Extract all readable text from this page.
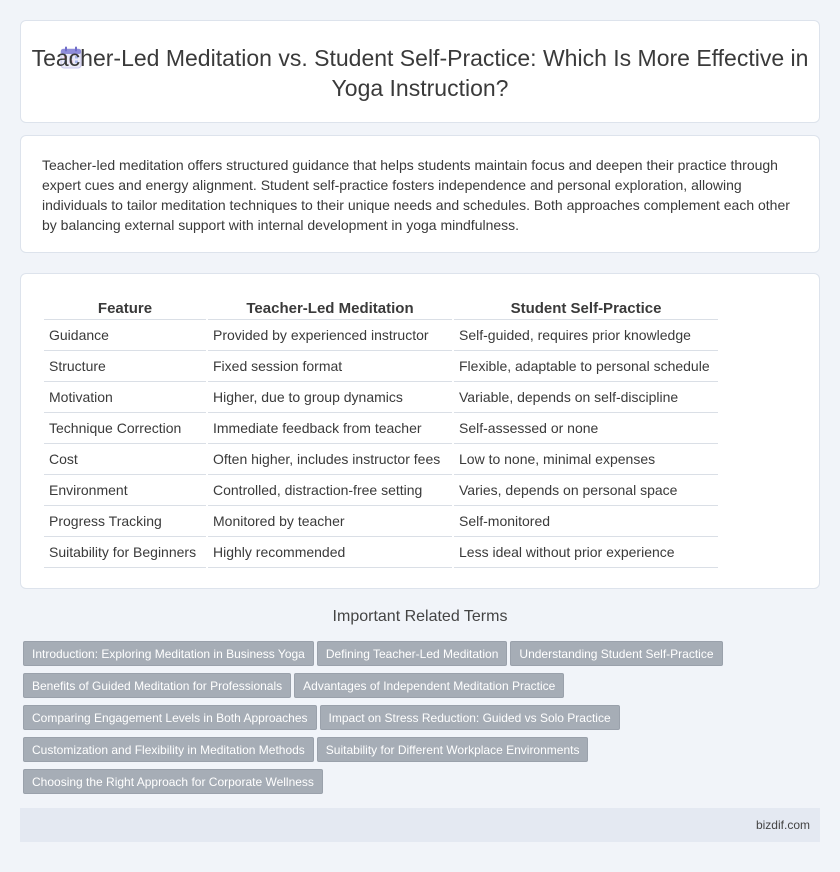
Teacher-Led Meditation vs. Student Self-Practice: Which Is More Effective in Yoga Instruction?

Teacher-led meditation offers structured guidance that helps students maintain focus and deepen their practice through expert cues and energy alignment. Student self-practice fosters independence and personal exploration, allowing individuals to tailor meditation techniques to their unique needs and schedules. Both approaches complement each other by balancing external support with internal development in yoga mindfulness.

Feature	Teacher-Led Meditation	Student Self-Practice
Guidance	Provided by experienced instructor	Self-guided, requires prior knowledge
Structure	Fixed session format	Flexible, adaptable to personal schedule
Motivation	Higher, due to group dynamics	Variable, depends on self-discipline
Technique Correction	Immediate feedback from teacher	Self-assessed or none
Cost	Often higher, includes instructor fees	Low to none, minimal expenses
Environment	Controlled, distraction-free setting	Varies, depends on personal space
Progress Tracking	Monitored by teacher	Self-monitored
Suitability for Beginners	Highly recommended	Less ideal without prior experience
Important Related Terms
Introduction: Exploring Meditation in Business Yoga Defining Teacher-Led Meditation Understanding Student Self-Practice
Benefits of Guided Meditation for Professionals Advantages of Independent Meditation Practice
Comparing Engagement Levels in Both Approaches Impact on Stress Reduction: Guided vs Solo Practice
Customization and Flexibility in Meditation Methods Suitability for Different Workplace Environments
Choosing the Right Approach for Corporate Wellness
bizdif.com
